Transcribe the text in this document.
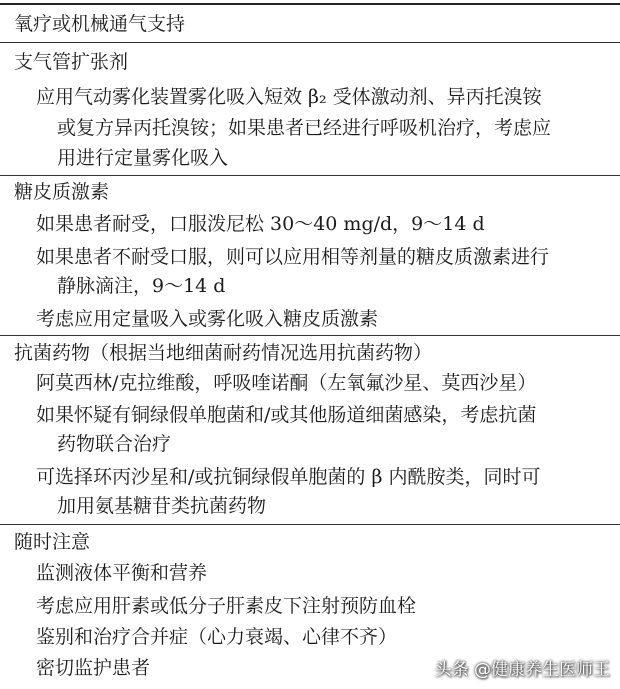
氧疗或机械通气支持
支气管扩张剂
应用气动雾化装置雾化吸入短效 β₂ 受体激动剂、异丙托溴铵
或复方异丙托溴铵；如果患者已经进行呼吸机治疗，考虑应
用进行定量雾化吸入
糖皮质激素
如果患者耐受，口服泼尼松 30～40 mg/d，9～14 d
如果患者不耐受口服，则可以应用相等剂量的糖皮质激素进行
静脉滴注，9～14 d
考虑应用定量吸入或雾化吸入糖皮质激素
抗菌药物（根据当地细菌耐药情况选用抗菌药物）
阿莫西林/克拉维酸，呼吸喹诺酮（左氧氟沙星、莫西沙星）
如果怀疑有铜绿假单胞菌和/或其他肠道细菌感染，考虑抗菌
药物联合治疗
可选择环丙沙星和/或抗铜绿假单胞菌的 β 内酰胺类，同时可
加用氨基糖苷类抗菌药物
随时注意
监测液体平衡和营养
考虑应用肝素或低分子肝素皮下注射预防血栓
鉴别和治疗合并症（心力衰竭、心律不齐）
密切监护患者	头条 @健康养生医师王
